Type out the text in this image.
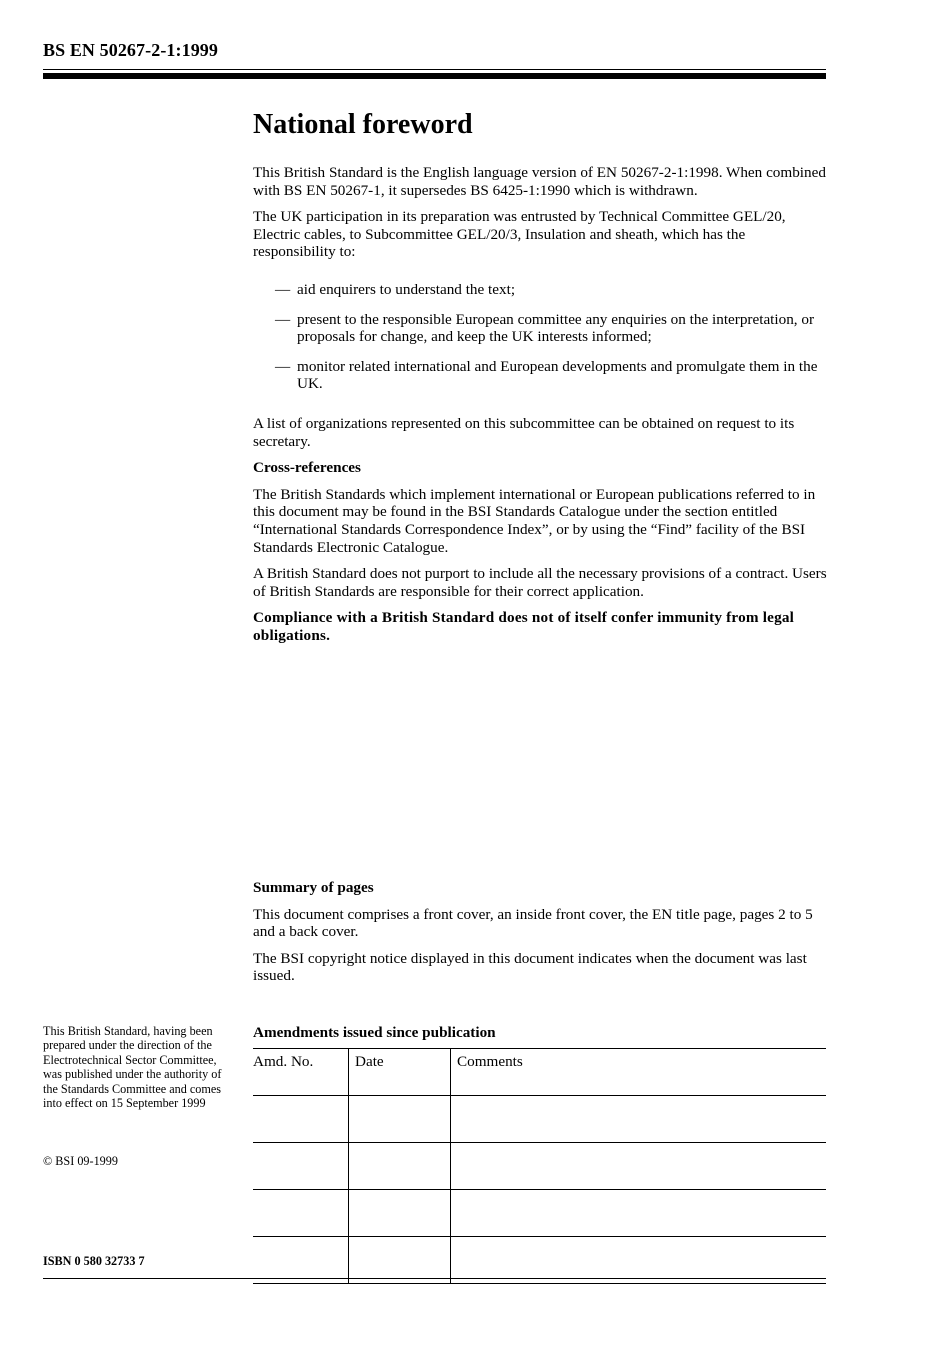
BS EN 50267-2-1:1999
National foreword

This British Standard is the English language version of EN 50267-2-1:1998. When combined with BS EN 50267-1, it supersedes BS 6425-1:1990 which is withdrawn.

The UK participation in its preparation was entrusted by Technical Committee GEL/20, Electric cables, to Subcommittee GEL/20/3, Insulation and sheath, which has the responsibility to:

— aid enquirers to understand the text;
— present to the responsible European committee any enquiries on the interpretation, or proposals for change, and keep the UK interests informed;
— monitor related international and European developments and promulgate them in the UK.

A list of organizations represented on this subcommittee can be obtained on request to its secretary.

Cross-references

The British Standards which implement international or European publications referred to in this document may be found in the BSI Standards Catalogue under the section entitled “International Standards Correspondence Index”, or by using the “Find” facility of the BSI Standards Electronic Catalogue.

A British Standard does not purport to include all the necessary provisions of a contract. Users of British Standards are responsible for their correct application.

Compliance with a British Standard does not of itself confer immunity from legal obligations.

Summary of pages

This document comprises a front cover, an inside front cover, the EN title page, pages 2 to 5 and a back cover.

The BSI copyright notice displayed in this document indicates when the document was last issued.

This British Standard, having been prepared under the direction of the Electrotechnical Sector Committee, was published under the authority of the Standards Committee and comes into effect on 15 September 1999
© BSI 09-1999
ISBN 0 580 32733 7
Amendments issued since publication
Amd. No.	Date	Comments
